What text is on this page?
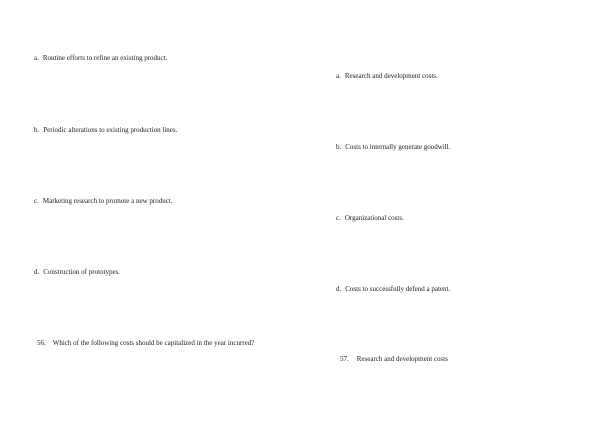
a. Routine efforts to refine an existing product.
b. Periodic alterations to existing production lines.
c. Marketing research to promote a new product.
d. Construction of prototypes.
56. Which of the following costs should be capitalized in the year incurred?
a. Research and development costs.
b. Costs to internally generate goodwill.
c. Organizational costs.
d. Costs to successfully defend a patent.
57. Research and development costs
